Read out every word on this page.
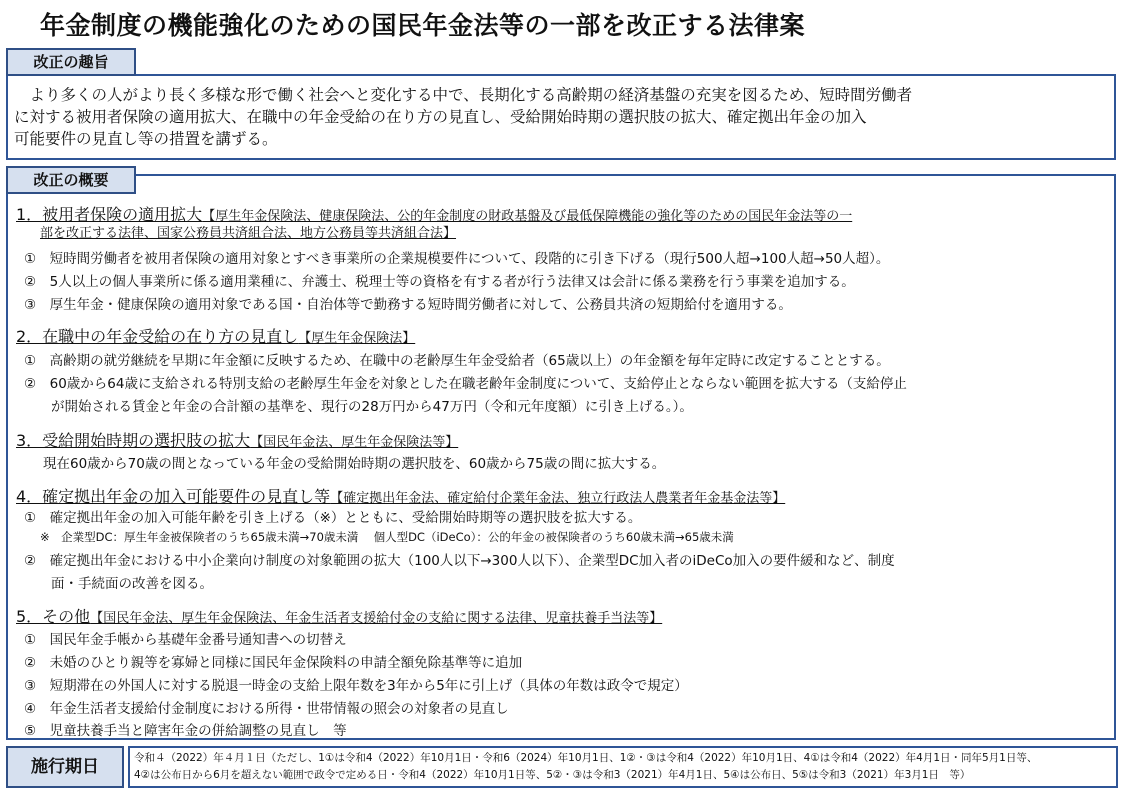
年金制度の機能強化のための国民年金法等の一部を改正する法律案
改正の趣旨

　より多くの人がより長く多様な形で働く社会へと変化する中で、長期化する高齢期の経済基盤の充実を図るため、短時間労働者

に対する被用者保険の適用拡大、在職中の年金受給の在り方の見直し、受給開始時期の選択肢の拡大、確定拠出年金の加入

可能要件の見直し等の措置を講ずる。

改正の概要
1．被用者保険の適用拡大【厚生年金保険法、健康保険法、公的年金制度の財政基盤及び最低保障機能の強化等のための国民年金法等の一
部を改正する法律、国家公務員共済組合法、地方公務員等共済組合法】
①　短時間労働者を被用者保険の適用対象とすべき事業所の企業規模要件について、段階的に引き下げる（現行500人超→100人超→50人超）。
②　5人以上の個人事業所に係る適用業種に、弁護士、税理士等の資格を有する者が行う法律又は会計に係る業務を行う事業を追加する。
③　厚生年金・健康保険の適用対象である国・自治体等で勤務する短時間労働者に対して、公務員共済の短期給付を適用する。
2．在職中の年金受給の在り方の見直し【厚生年金保険法】
①　高齢期の就労継続を早期に年金額に反映するため、在職中の老齢厚生年金受給者（65歳以上）の年金額を毎年定時に改定することとする。
②　60歳から64歳に支給される特別支給の老齢厚生年金を対象とした在職老齢年金制度について、支給停止とならない範囲を拡大する（支給停止
　　が開始される賃金と年金の合計額の基準を、現行の28万円から47万円（令和元年度額）に引き上げる。）。
3．受給開始時期の選択肢の拡大【国民年金法、厚生年金保険法等】
　　現在60歳から70歳の間となっている年金の受給開始時期の選択肢を、60歳から75歳の間に拡大する。
4．確定拠出年金の加入可能要件の見直し等【確定拠出年金法、確定給付企業年金法、独立行政法人農業者年金基金法等】
①　確定拠出年金の加入可能年齢を引き上げる（※）とともに、受給開始時期等の選択肢を拡大する。
※　企業型DC：厚生年金被保険者のうち65歳未満→70歳未満　 個人型DC（iDeCo）：公的年金の被保険者のうち60歳未満→65歳未満
②　確定拠出年金における中小企業向け制度の対象範囲の拡大（100人以下→300人以下）、企業型DC加入者のiDeCo加入の要件緩和など、制度
　　面・手続面の改善を図る。
5．その他【国民年金法、厚生年金保険法、年金生活者支援給付金の支給に関する法律、児童扶養手当法等】
①　国民年金手帳から基礎年金番号通知書への切替え
②　未婚のひとり親等を寡婦と同様に国民年金保険料の申請全額免除基準等に追加
③　短期滞在の外国人に対する脱退一時金の支給上限年数を3年から5年に引上げ（具体の年数は政令で規定）
④　年金生活者支援給付金制度における所得・世帯情報の照会の対象者の見直し
⑤　児童扶養手当と障害年金の併給調整の見直し　等
施行期日	令和４（2022）年４月１日（ただし、1①は令和4（2022）年10月1日・令和6（2024）年10月1日、1②・③は令和4（2022）年10月1日、4①は令和4（2022）年4月1日・同年5月1日等、
4②は公布日から6月を超えない範囲で政令で定める日・令和4（2022）年10月1日等、5②・③は令和3（2021）年4月1日、5④は公布日、5⑤は令和3（2021）年3月1日　等）
